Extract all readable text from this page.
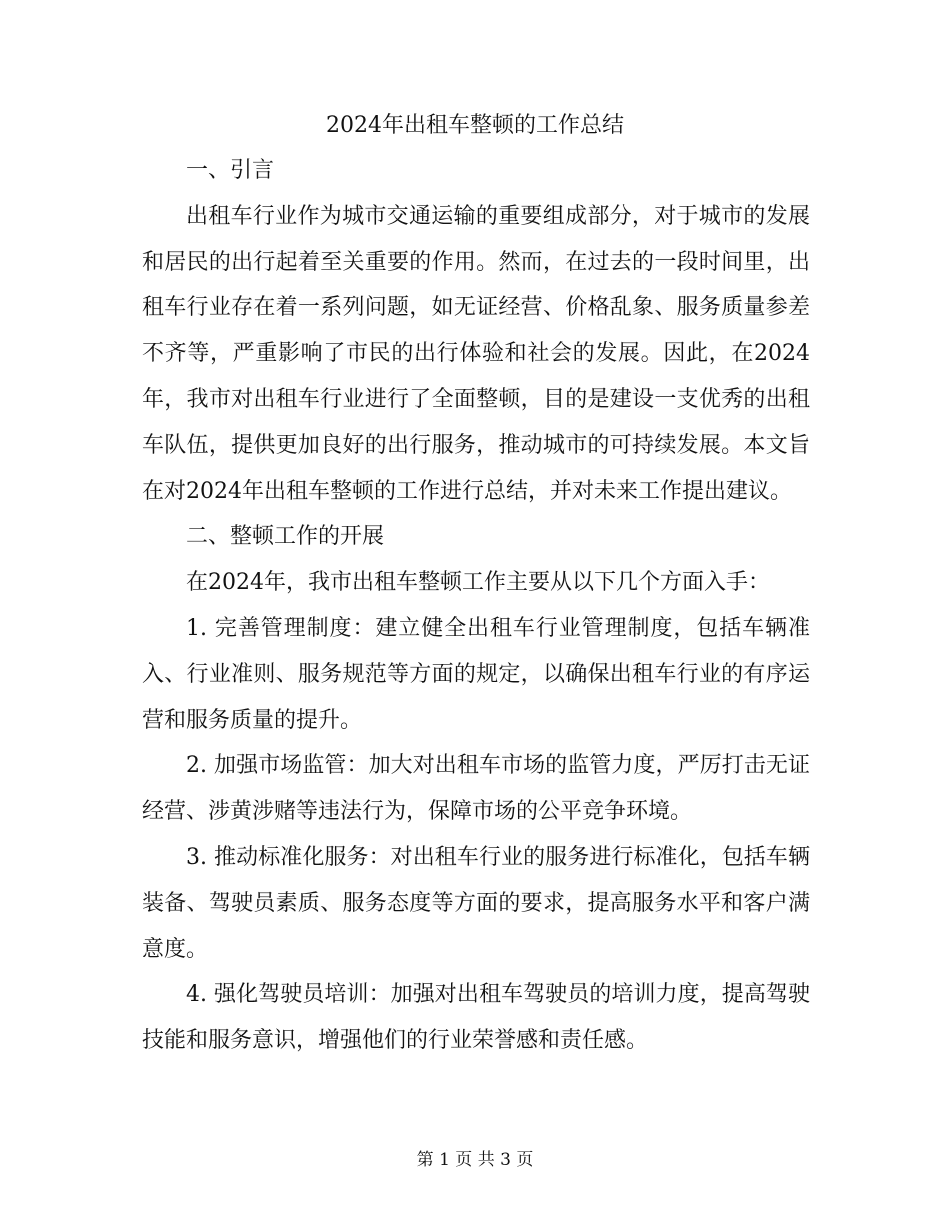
2024年出租车整顿的工作总结

一、引言

出租车行业作为城市交通运输的重要组成部分，对于城市的发展和居民的出行起着至关重要的作用。然而，在过去的一段时间里，出租车行业存在着一系列问题，如无证经营、价格乱象、服务质量参差不齐等，严重影响了市民的出行体验和社会的发展。因此，在2024年，我市对出租车行业进行了全面整顿，目的是建设一支优秀的出租车队伍，提供更加良好的出行服务，推动城市的可持续发展。本文旨在对2024年出租车整顿的工作进行总结，并对未来工作提出建议。

二、整顿工作的开展

在2024年，我市出租车整顿工作主要从以下几个方面入手：

1. 完善管理制度：建立健全出租车行业管理制度，包括车辆准入、行业准则、服务规范等方面的规定，以确保出租车行业的有序运营和服务质量的提升。

2. 加强市场监管：加大对出租车市场的监管力度，严厉打击无证经营、涉黄涉赌等违法行为，保障市场的公平竞争环境。

3. 推动标准化服务：对出租车行业的服务进行标准化，包括车辆装备、驾驶员素质、服务态度等方面的要求，提高服务水平和客户满意度。

4. 强化驾驶员培训：加强对出租车驾驶员的培训力度，提高驾驶技能和服务意识，增强他们的行业荣誉感和责任感。

第 1 页 共 3 页
